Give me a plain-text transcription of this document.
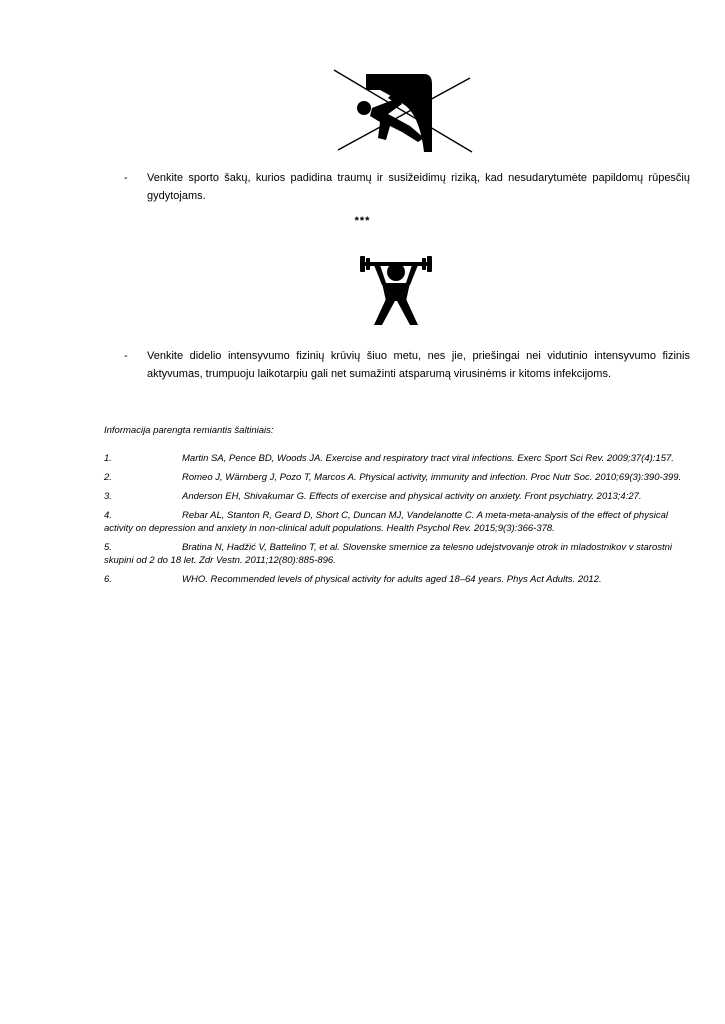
- Venkite sporto šakų, kurios padidina traumų ir susižeidimų riziką, kad nesudarytumėte papildomų rūpesčių gydytojams.
***
- Venkite didelio intensyvumo fizinių krūvių šiuo metu, nes jie, priešingai nei vidutinio intensyvumo fizinis aktyvumas, trumpuoju laikotarpiu gali net sumažinti atsparumą virusinėms ir kitoms infekcijoms.
Informacija parengta remiantis šaltiniais:
1.	Martin SA, Pence BD, Woods JA. Exercise and respiratory tract viral infections. Exerc Sport Sci Rev. 2009;37(4):157.
2.	Romeo J, Wärnberg J, Pozo T, Marcos A. Physical activity, immunity and infection. Proc Nutr Soc. 2010;69(3):390-399.
3.	Anderson EH, Shivakumar G. Effects of exercise and physical activity on anxiety. Front psychiatry. 2013;4:27.
4.	Rebar AL, Stanton R, Geard D, Short C, Duncan MJ, Vandelanotte C. A meta-meta-analysis of the effect of physical activity on depression and anxiety in non-clinical adult populations. Health Psychol Rev. 2015;9(3):366-378.
5.	Bratina N, Hadžić V, Battelino T, et al. Slovenske smernice za telesno udejstvovanje otrok in mladostnikov v starostni skupini od 2 do 18 let. Zdr Vestn. 2011;12(80):885-896.
6.	WHO. Recommended levels of physical activity for adults aged 18–64 years. Phys Act Adults. 2012.
